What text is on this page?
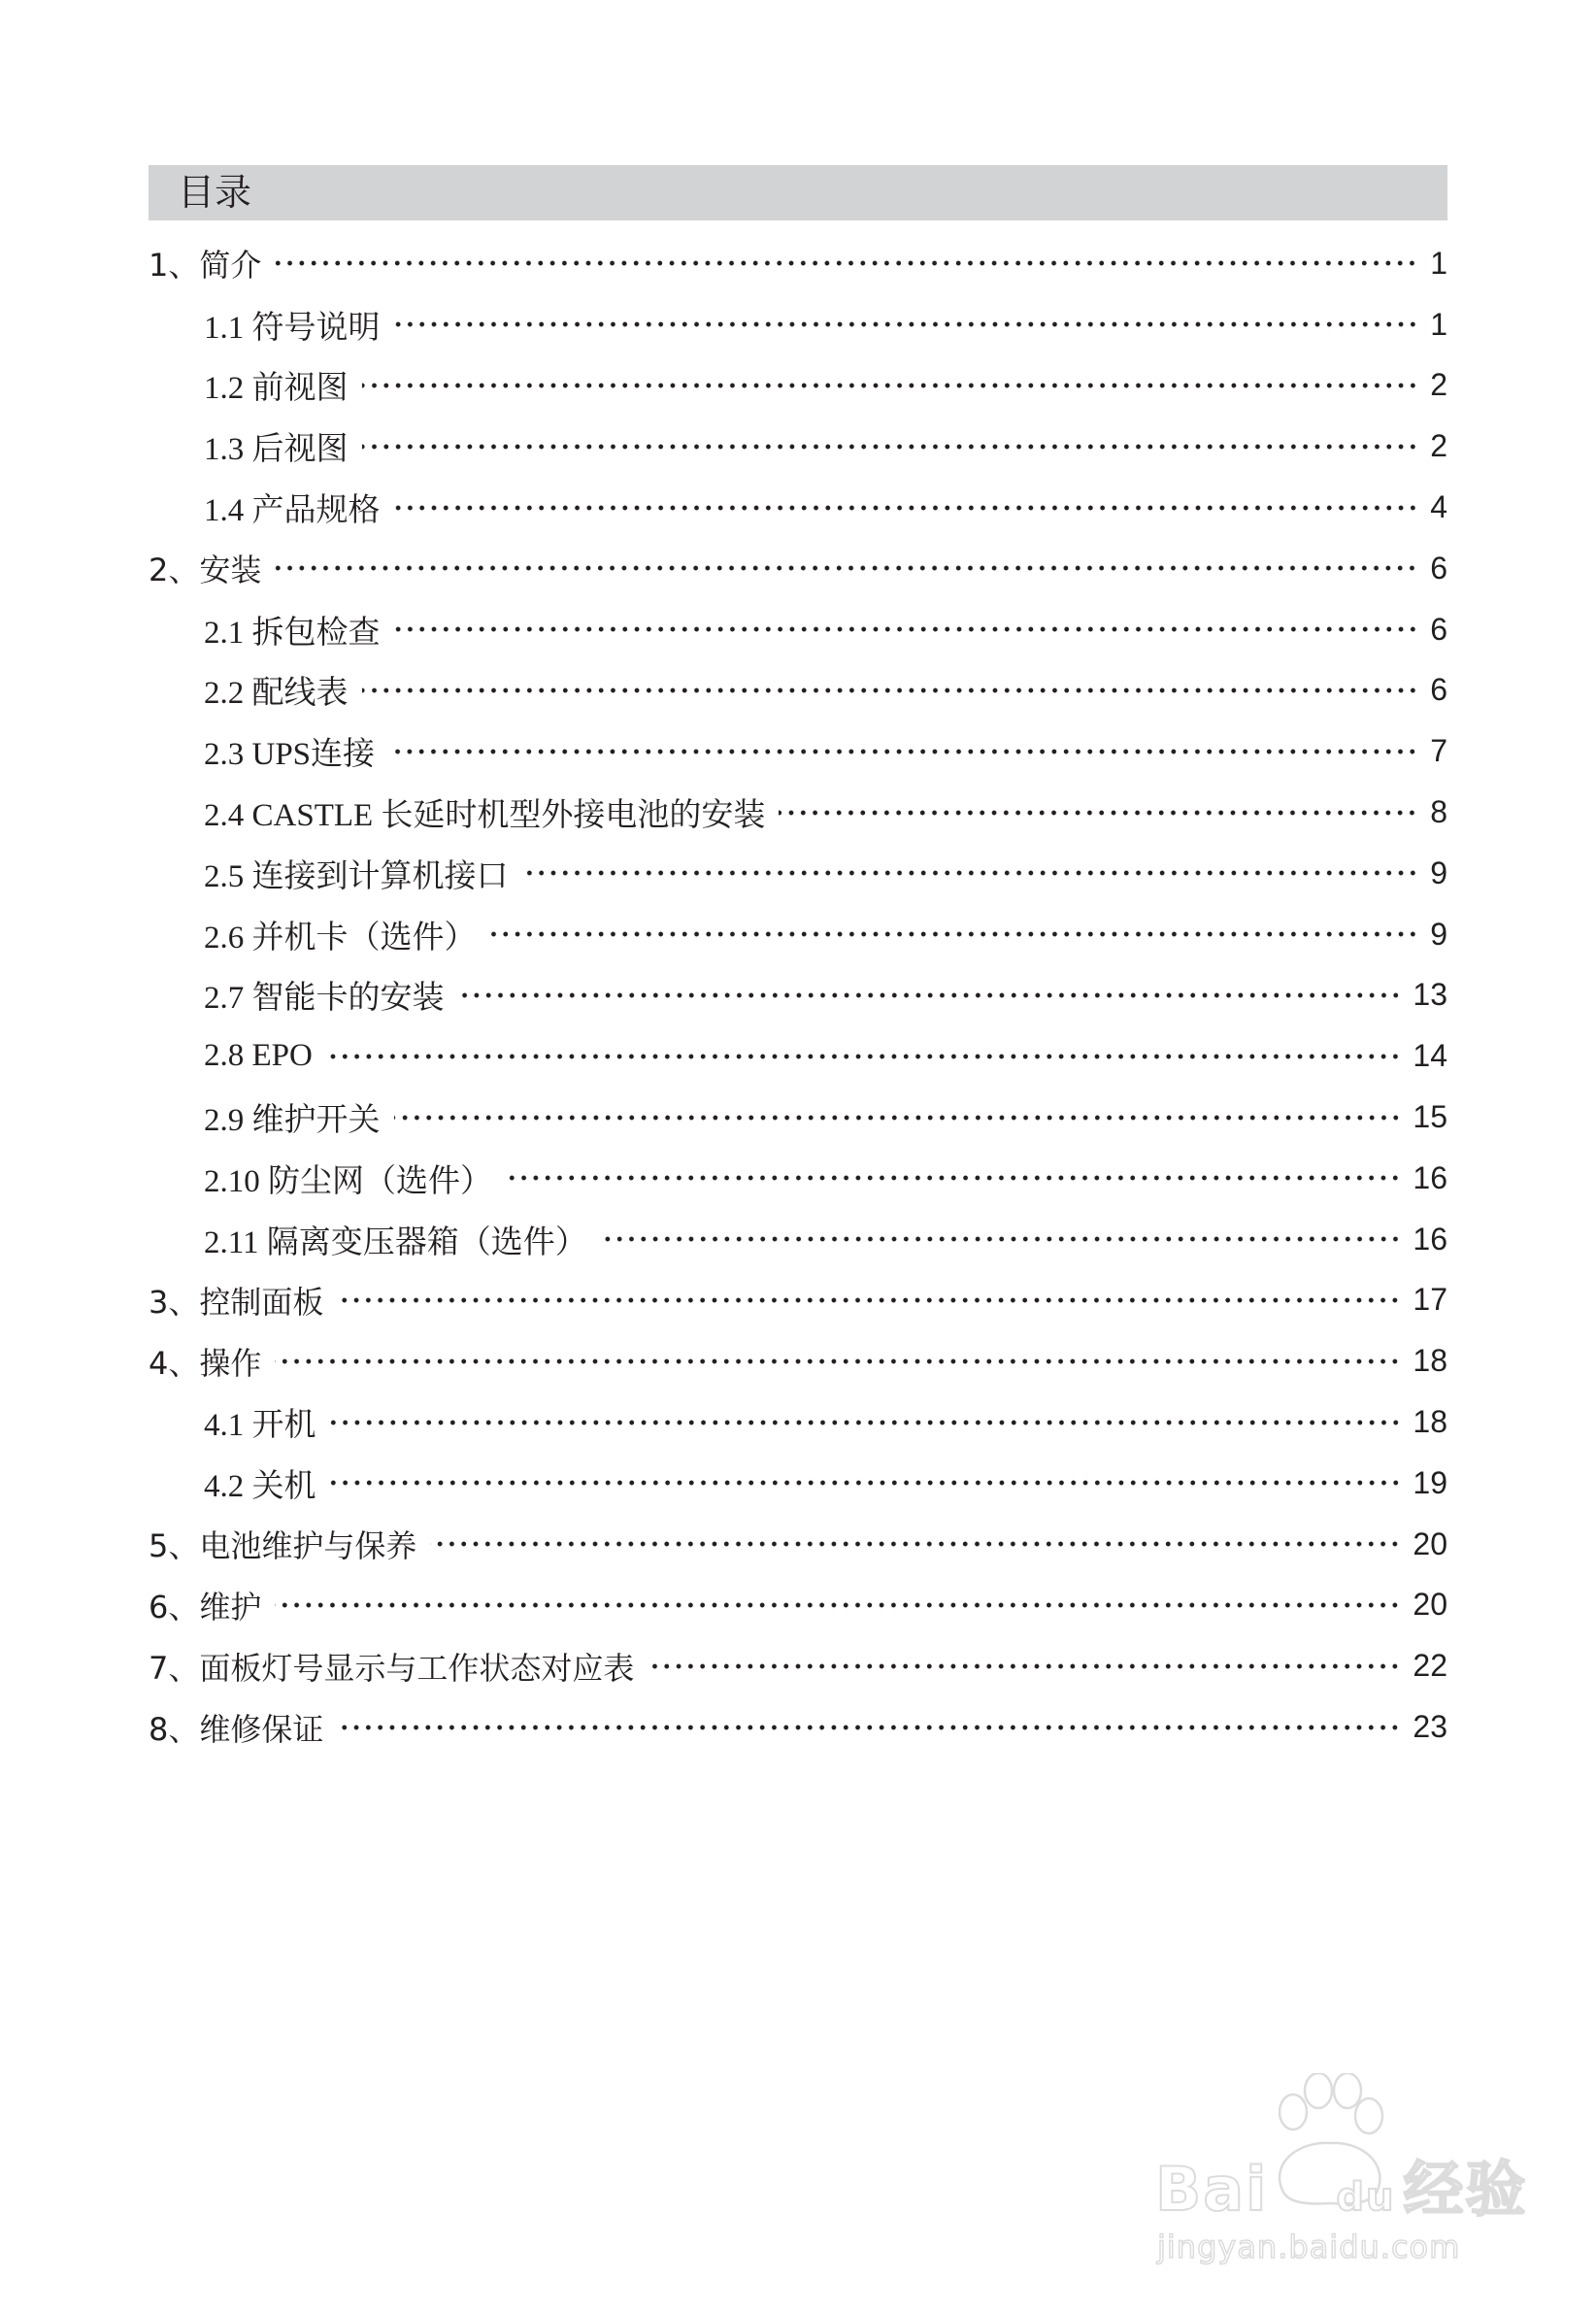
目录
1、简介	1
1.1 符号说明	1
1.2 前视图	2
1.3 后视图	2
1.4 产品规格	4
2、安装	6
2.1 拆包检查	6
2.2 配线表	6
2.3 UPS连接	7
2.4 CASTLE 长延时机型外接电池的安装	8
2.5 连接到计算机接口	9
2.6 并机卡（选件）	9
2.7 智能卡的安装	13
2.8 EPO	14
2.9 维护开关	15
2.10 防尘网（选件）	16
2.11 隔离变压器箱（选件）	16
3、控制面板	17
4、操作	18
4.1 开机	18
4.2 关机	19
5、电池维护与保养	20
6、维护	20
7、面板灯号显示与工作状态对应表	22
8、维修保证	23
Bai du 经验
jingyan.baidu.com
